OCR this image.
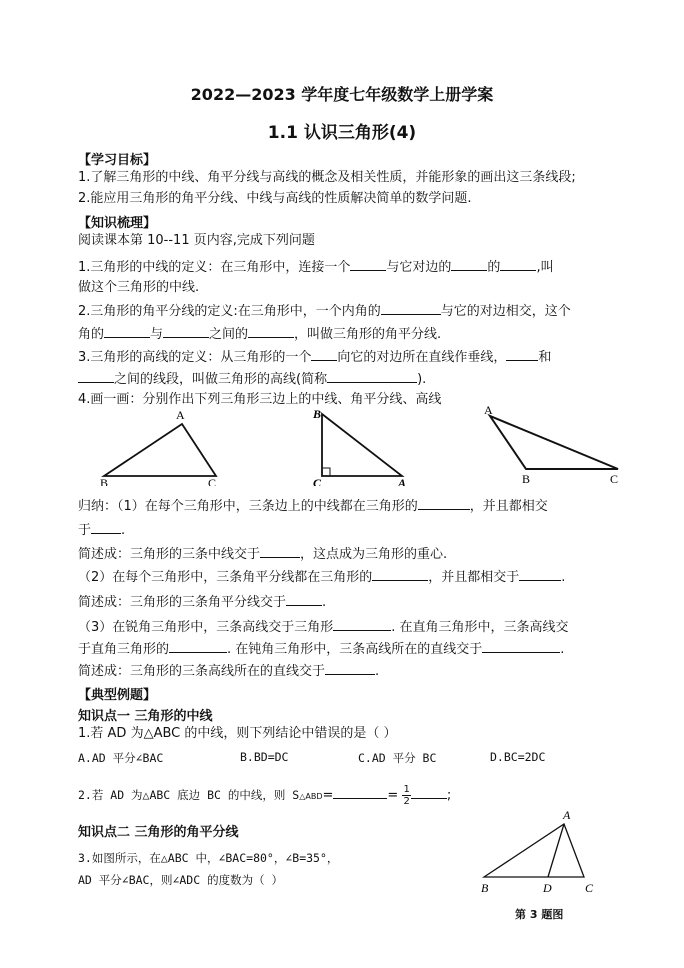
2022—2023 学年度七年级数学上册学案
1.1 认识三角形(4)
【学习目标】
1.了解三角形的中线、角平分线与高线的概念及相关性质，并能形象的画出这三条线段;
2.能应用三角形的角平分线、中线与高线的性质解决简单的数学问题.
【知识梳理】
阅读课本第 10--11 页内容,完成下列问题
1.三角形的中线的定义：在三角形中，连接一个	与它对边的	的	,叫
做这个三角形的中线.
2.三角形的角平分线的定义:在三角形中，一个内角的	与它的对边相交，这个
角的	与	之间的	，叫做三角形的角平分线.
3.三角形的高线的定义：从三角形的一个 向它的对边所在直线作垂线， 和
之间的线段，叫做三角形的高线(简称	).
4.画一画：分别作出下列三角形三边上的中线、角平分线、高线
A
B	C
B
C	A
A
B	C
归纳：（1）在每个三角形中，三条边上的中线都在三角形的	，并且都相交
于 .
简述成：三角形的三条中线交于	，这点成为三角形的重心.
（2）在每个三角形中，三条角平分线都在三角形的	，并且都相交于	.
简述成：三角形的三条角平分线交于	.
（3）在锐角三角形中，三条高线交于三角形	. 在直角三角形中，三条高线交
于直角三角形的	. 在钝角三角形中，三条高线所在的直线交于	.
简述成：三角形的三条高线所在的直线交于	.
【典型例题】
知识点一 三角形的中线
1.若 AD 为△ABC 的中线，则下列结论中错误的是（ ）
A.AD 平分∠BAC	B.BD=DC	C.AD 平分 BC	D.BC=2DC
2.若 AD 为△ABC 底边 BC 的中线，则 S△ABD=	= $\frac{1}{2}$	;
知识点二 三角形的角平分线
3.如图所示，在△ABC 中，∠BAC=80°，∠B=35°，
AD 平分∠BAC，则∠ADC 的度数为（ ）
A
B	D	C
第 3 题图
